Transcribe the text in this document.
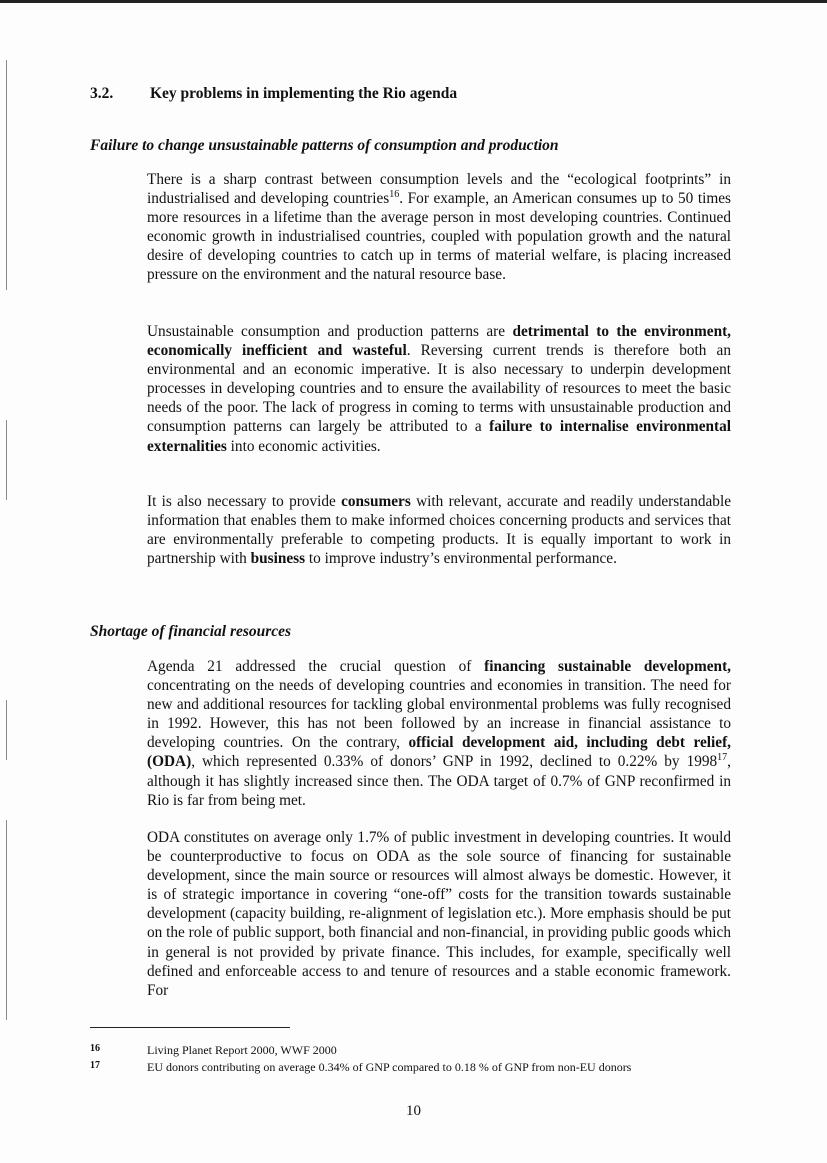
3.2. Key problems in implementing the Rio agenda
Failure to change unsustainable patterns of consumption and production

There is a sharp contrast between consumption levels and the “ecological footprints” in industrialised and developing countries$^{16}$. For example, an American consumes up to 50 times more resources in a lifetime than the average person in most developing countries. Continued economic growth in industrialised countries, coupled with population growth and the natural desire of developing countries to catch up in terms of material welfare, is placing increased pressure on the environment and the natural resource base.

Unsustainable consumption and production patterns are detrimental to the environment, economically inefficient and wasteful. Reversing current trends is therefore both an environmental and an economic imperative. It is also necessary to underpin development processes in developing countries and to ensure the availability of resources to meet the basic needs of the poor. The lack of progress in coming to terms with unsustainable production and consumption patterns can largely be attributed to a failure to internalise environmental externalities into economic activities.

It is also necessary to provide consumers with relevant, accurate and readily understandable information that enables them to make informed choices concerning products and services that are environmentally preferable to competing products. It is equally important to work in partnership with business to improve industry’s environmental performance.

Shortage of financial resources

Agenda 21 addressed the crucial question of financing sustainable development, concentrating on the needs of developing countries and economies in transition. The need for new and additional resources for tackling global environmental problems was fully recognised in 1992. However, this has not been followed by an increase in financial assistance to developing countries. On the contrary, official development aid, including debt relief, (ODA), which represented 0.33% of donors’ GNP in 1992, declined to 0.22% by 1998$^{17}$, although it has slightly increased since then. The ODA target of 0.7% of GNP reconfirmed in Rio is far from being met.

ODA constitutes on average only 1.7% of public investment in developing countries. It would be counterproductive to focus on ODA as the sole source of financing for sustainable development, since the main source or resources will almost always be domestic. However, it is of strategic importance in covering “one-off” costs for the transition towards sustainable development (capacity building, re-alignment of legislation etc.). More emphasis should be put on the role of public support, both financial and non-financial, in providing public goods which in general is not provided by private finance. This includes, for example, specifically well defined and enforceable access to and tenure of resources and a stable economic framework. For

16	Living Planet Report 2000, WWF 2000
17	EU donors contributing on average 0.34% of GNP compared to 0.18 % of GNP from non-EU donors
10
